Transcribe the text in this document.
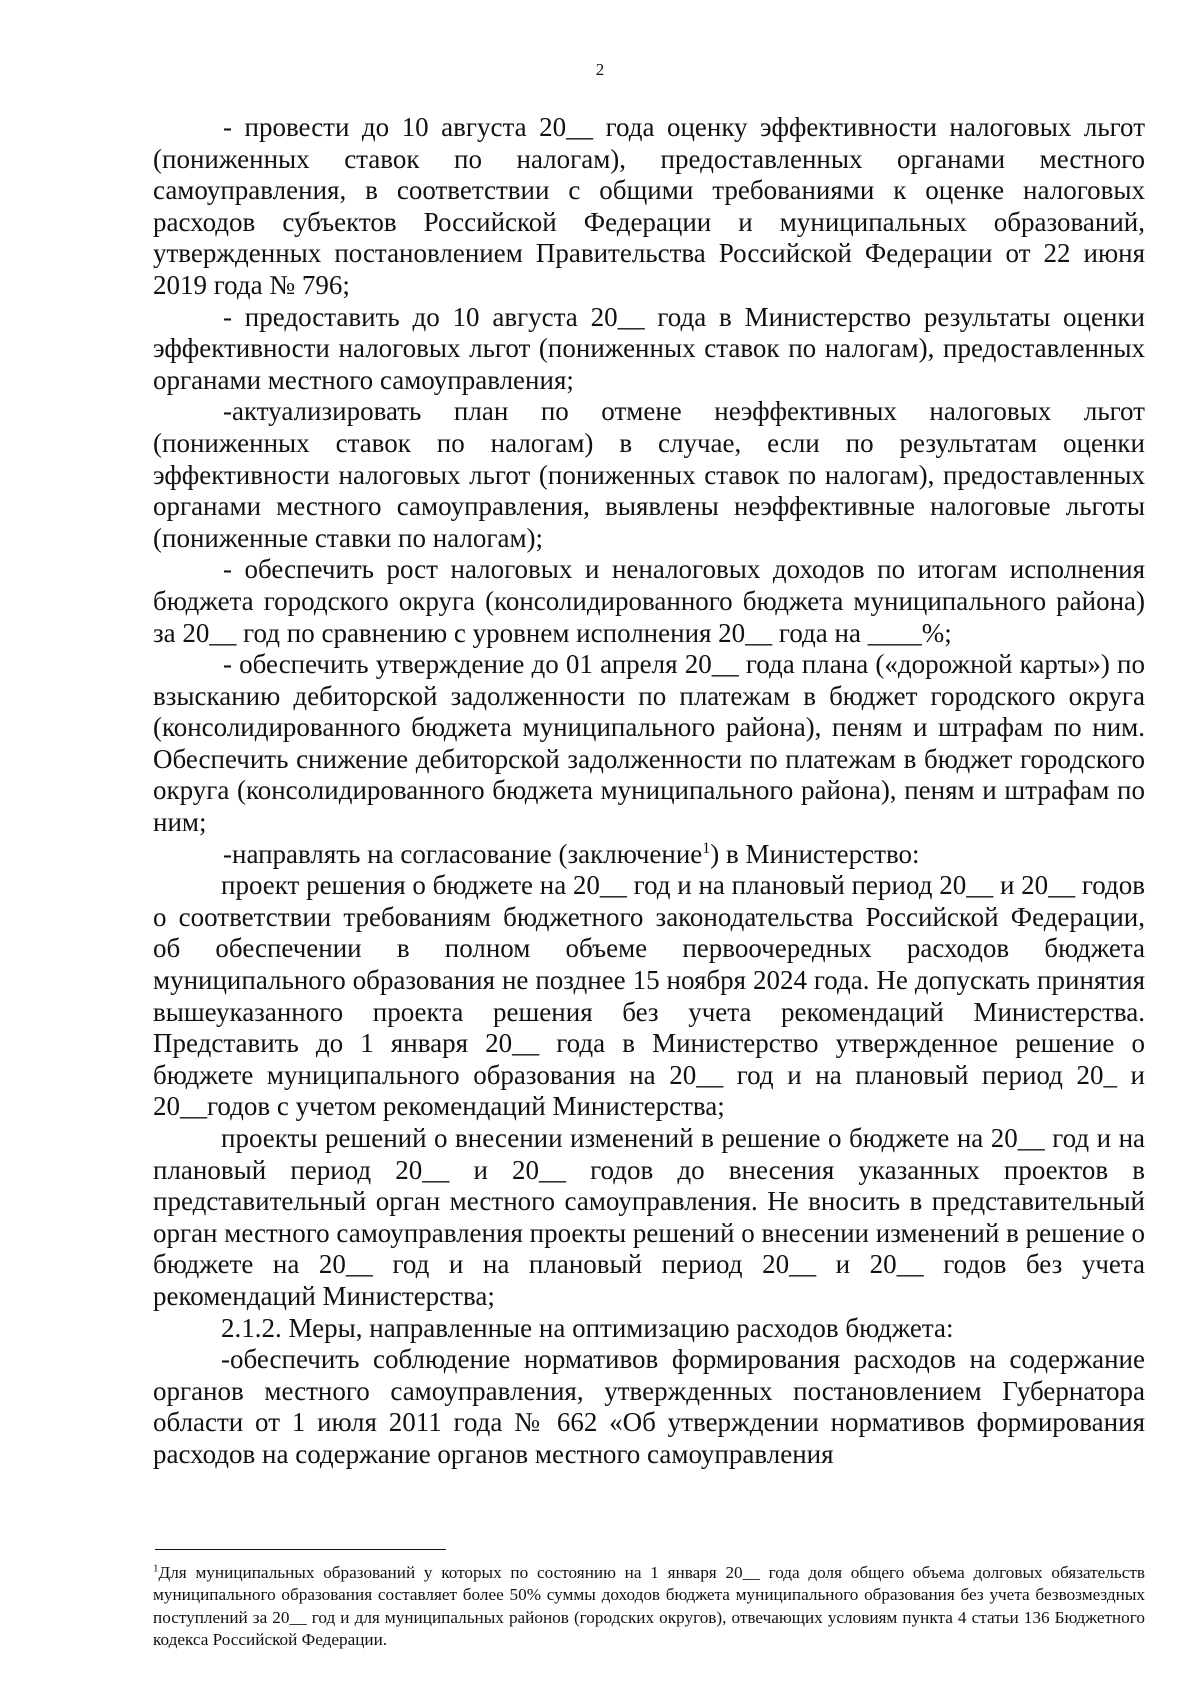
2

- провести до 10 августа 20__ года оценку эффективности налоговых льгот (пониженных ставок по налогам), предоставленных органами местного самоуправления, в соответствии с общими требованиями к оценке налоговых расходов субъектов Российской Федерации и муниципальных образований, утвержденных постановлением Правительства Российской Федерации от 22 июня 2019 года № 796;

- предоставить до 10 августа 20__ года в Министерство результаты оценки эффективности налоговых льгот (пониженных ставок по налогам), предоставленных органами местного самоуправления;

-актуализировать план по отмене неэффективных налоговых льгот (пониженных ставок по налогам) в случае, если по результатам оценки эффективности налоговых льгот (пониженных ставок по налогам), предоставленных органами местного самоуправления, выявлены неэффективные налоговые льготы (пониженные ставки по налогам);

- обеспечить рост налоговых и неналоговых доходов по итогам исполнения бюджета городского округа (консолидированного бюджета муниципального района) за 20__ год по сравнению с уровнем исполнения 20__ года на ____%;

- обеспечить утверждение до 01 апреля 20__ года плана («дорожной карты») по взысканию дебиторской задолженности по платежам в бюджет городского округа (консолидированного бюджета муниципального района), пеням и штрафам по ним. Обеспечить снижение дебиторской задолженности по платежам в бюджет городского округа (консолидированного бюджета муниципального района), пеням и штрафам по ним;

-направлять на согласование (заключение$^1$) в Министерство:

проект решения о бюджете на 20__ год и на плановый период 20__ и 20__ годов о соответствии требованиям бюджетного законодательства Российской Федерации, об обеспечении в полном объеме первоочередных расходов бюджета муниципального образования не позднее 15 ноября 2024 года. Не допускать принятия вышеуказанного проекта решения без учета рекомендаций Министерства. Представить до 1 января 20__ года в Министерство утвержденное решение о бюджете муниципального образования на 20__ год и на плановый период 20_ и 20__годов с учетом рекомендаций Министерства;

проекты решений о внесении изменений в решение о бюджете на 20__ год и на плановый период 20__ и 20__ годов до внесения указанных проектов в представительный орган местного самоуправления. Не вносить в представительный орган местного самоуправления проекты решений о внесении изменений в решение о бюджете на 20__ год и на плановый период 20__ и 20__ годов без учета рекомендаций Министерства;

2.1.2. Меры, направленные на оптимизацию расходов бюджета:

-обеспечить соблюдение нормативов формирования расходов на содержание органов местного самоуправления, утвержденных постановлением Губернатора области от 1 июля 2011 года № 662 «Об утверждении нормативов формирования расходов на содержание органов местного самоуправления

$^1$Для муниципальных образований у которых по состоянию на 1 января 20__ года доля общего объема долговых обязательств муниципального образования составляет более 50% суммы доходов бюджета муниципального образования без учета безвозмездных поступлений за 20__ год и для муниципальных районов (городских округов), отвечающих условиям пункта 4 статьи 136 Бюджетного кодекса Российской Федерации.
